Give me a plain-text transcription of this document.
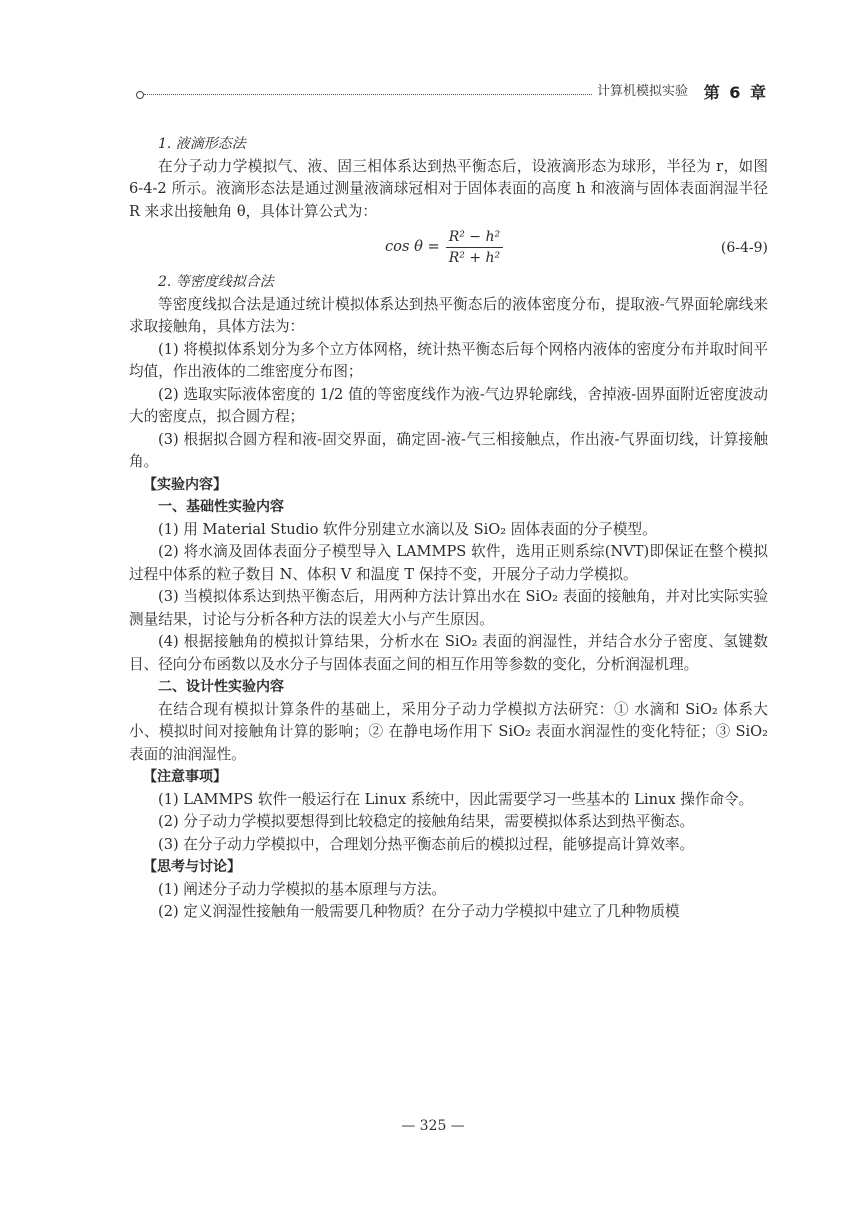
计算机模拟实验 第 6 章

1. 液滴形态法

在分子动力学模拟气、液、固三相体系达到热平衡态后，设液滴形态为球形，半径为 r，如图 6-4-2 所示。液滴形态法是通过测量液滴球冠相对于固体表面的高度 h 和液滴与固体表面润湿半径 R 来求出接触角 θ，具体计算公式为：

$\cos \theta = \frac{\text{R² − h²}}{\text{R² + h²}}$	(6-4-9)

2. 等密度线拟合法

等密度线拟合法是通过统计模拟体系达到热平衡态后的液体密度分布，提取液-气界面轮廓线来求取接触角，具体方法为：

(1) 将模拟体系划分为多个立方体网格，统计热平衡态后每个网格内液体的密度分布并取时间平均值，作出液体的二维密度分布图；

(2) 选取实际液体密度的 1/2 值的等密度线作为液-气边界轮廓线，舍掉液-固界面附近密度波动大的密度点，拟合圆方程；

(3) 根据拟合圆方程和液-固交界面，确定固-液-气三相接触点，作出液-气界面切线，计算接触角。

【实验内容】

一、基础性实验内容

(1) 用 Material Studio 软件分别建立水滴以及 SiO₂ 固体表面的分子模型。

(2) 将水滴及固体表面分子模型导入 LAMMPS 软件，选用正则系综(NVT)即保证在整个模拟过程中体系的粒子数目 N、体积 V 和温度 T 保持不变，开展分子动力学模拟。

(3) 当模拟体系达到热平衡态后，用两种方法计算出水在 SiO₂ 表面的接触角，并对比实际实验测量结果，讨论与分析各种方法的误差大小与产生原因。

(4) 根据接触角的模拟计算结果，分析水在 SiO₂ 表面的润湿性，并结合水分子密度、氢键数目、径向分布函数以及水分子与固体表面之间的相互作用等参数的变化，分析润湿机理。

二、设计性实验内容

在结合现有模拟计算条件的基础上，采用分子动力学模拟方法研究：① 水滴和 SiO₂ 体系大小、模拟时间对接触角计算的影响；② 在静电场作用下 SiO₂ 表面水润湿性的变化特征；③ SiO₂ 表面的油润湿性。

【注意事项】

(1) LAMMPS 软件一般运行在 Linux 系统中，因此需要学习一些基本的 Linux 操作命令。

(2) 分子动力学模拟要想得到比较稳定的接触角结果，需要模拟体系达到热平衡态。

(3) 在分子动力学模拟中，合理划分热平衡态前后的模拟过程，能够提高计算效率。

【思考与讨论】

(1) 阐述分子动力学模拟的基本原理与方法。

(2) 定义润湿性接触角一般需要几种物质？在分子动力学模拟中建立了几种物质模

— 325 —
